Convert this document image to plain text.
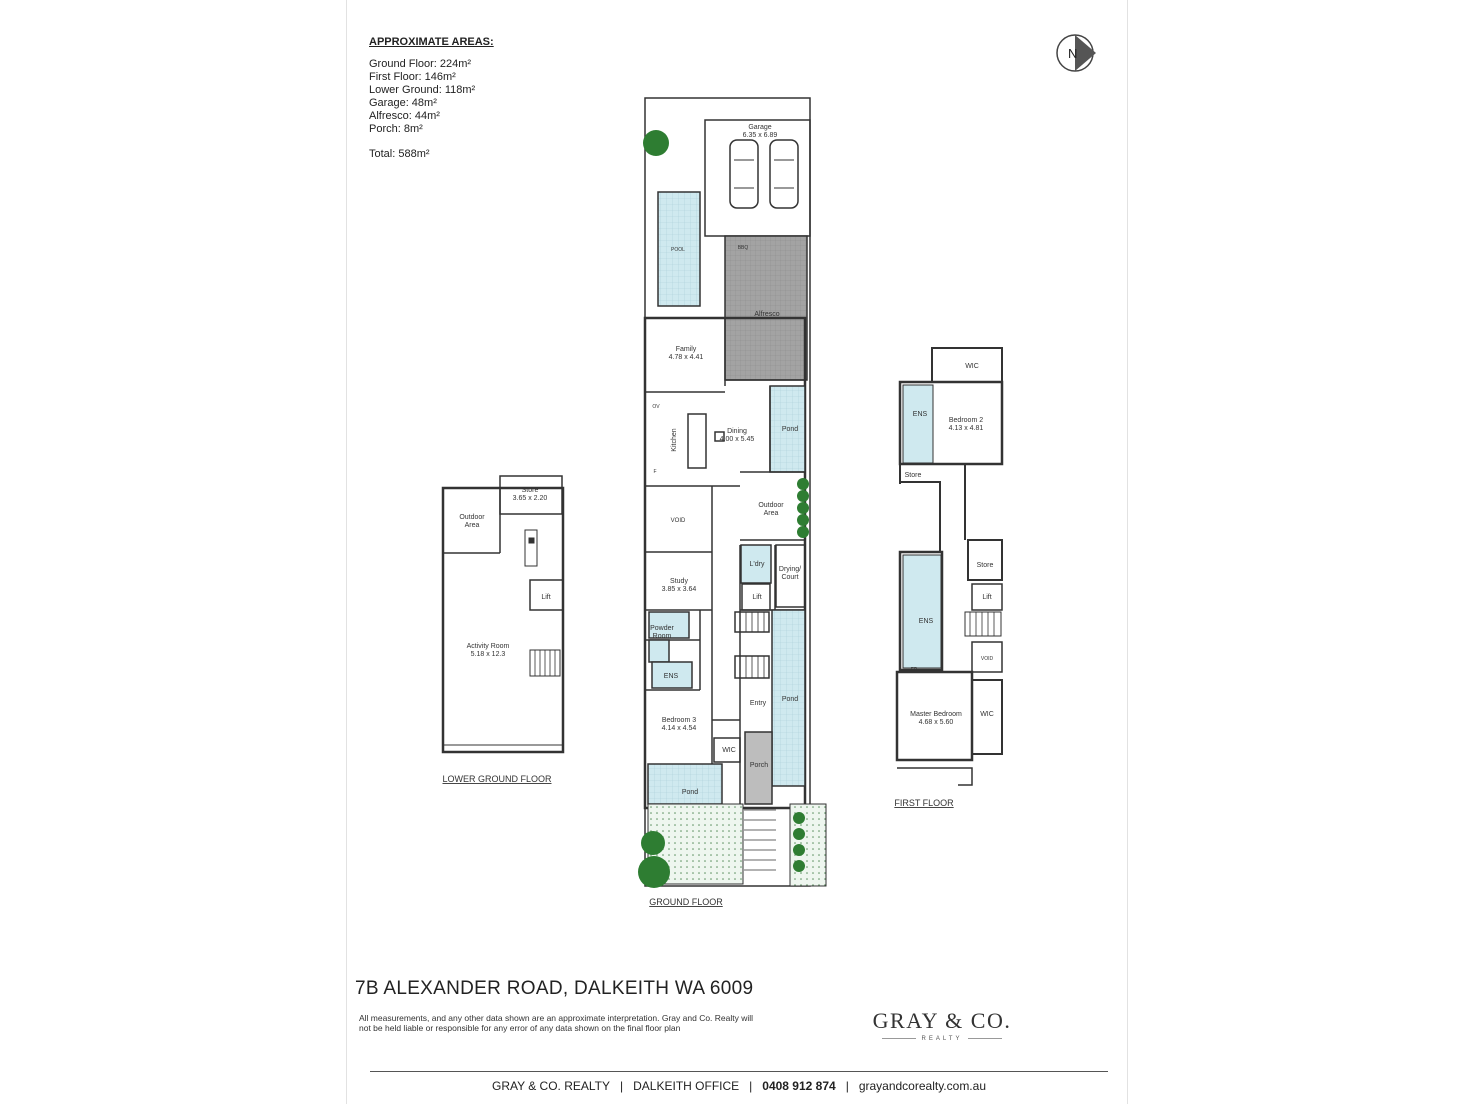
APPROXIMATE AREAS:
Ground Floor: 224m²
First Floor: 146m²
Lower Ground: 118m²
Garage: 48m²
Alfresco: 44m²
Porch: 8m²
Total: 588m²
N
Garage
6.35 x 6.89
POOL	BBQ
Alfresco
Family
4.78 x 4.41
Dining
4.00 x 5.45
Kitchen
OV
F
Pond
VOID
Outdoor
Area
Study
3.85 x 3.64
L'dry
Drying/
Court
Lift
Powder
Room
ENS
Entry
Bedroom 3
4.14 x 4.54
WIC
Porch
Pond
Pond
GROUND FLOOR
Store
3.65 x 2.20
Outdoor
Area
Lift
Activity Room
5.18 x 12.3
LOWER GROUND FLOOR
WIC
ENS
Bedroom 2
4.13 x 4.81
Store
Store
Lift
ENS
VOID
FP
Master Bedroom
4.68 x 5.60
WIC
FIRST FLOOR
7B ALEXANDER ROAD, DALKEITH WA 6009
All measurements, and any other data shown are an approximate interpretation. Gray and Co. Realty will not be held liable or responsible for any error of any data shown on the final floor plan	GRAY & CO.
REALTY
GRAY & CO. REALTY | DALKEITH OFFICE | 0408 912 874 | grayandcorealty.com.au
